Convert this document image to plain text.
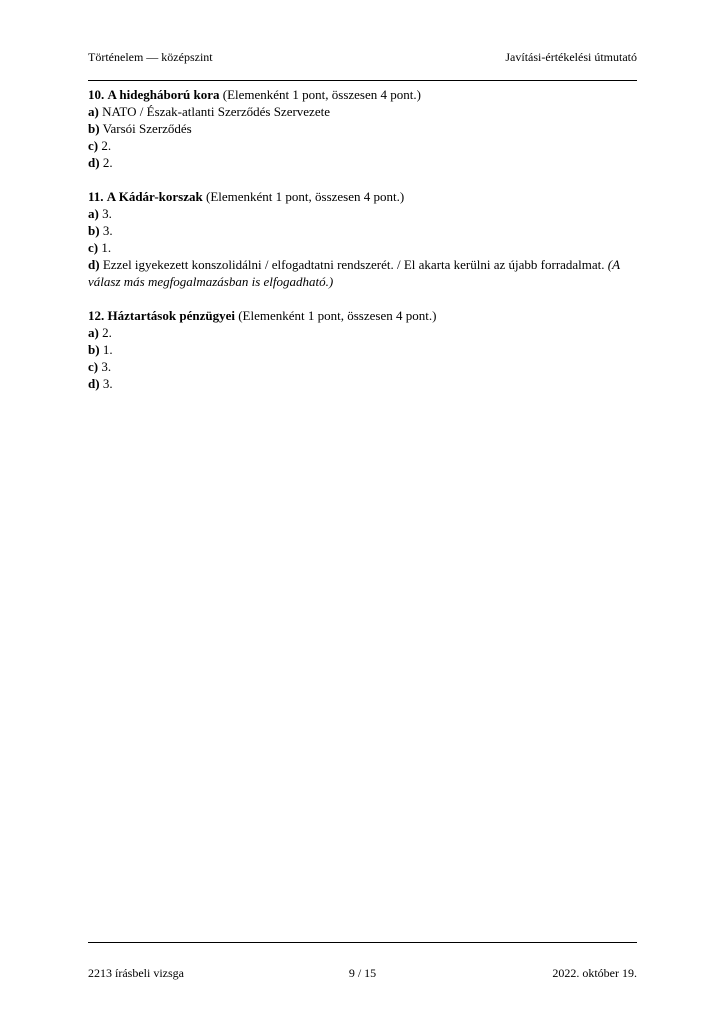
Történelem — középszint	Javítási-értékelési útmutató

10. A hidegháború kora (Elemenként 1 pont, összesen 4 pont.)

a) NATO / Észak-atlanti Szerződés Szervezete

b) Varsói Szerződés

c) 2.

d) 2.

11. A Kádár-korszak (Elemenként 1 pont, összesen 4 pont.)

a) 3.

b) 3.

c) 1.

d) Ezzel igyekezett konszolidálni / elfogadtatni rendszerét. / El akarta kerülni az újabb forradalmat. (A válasz más megfogalmazásban is elfogadható.)

12. Háztartások pénzügyei (Elemenként 1 pont, összesen 4 pont.)

a) 2.

b) 1.

c) 3.

d) 3.

2213 írásbeli vizsga	9 / 15	2022. október 19.
